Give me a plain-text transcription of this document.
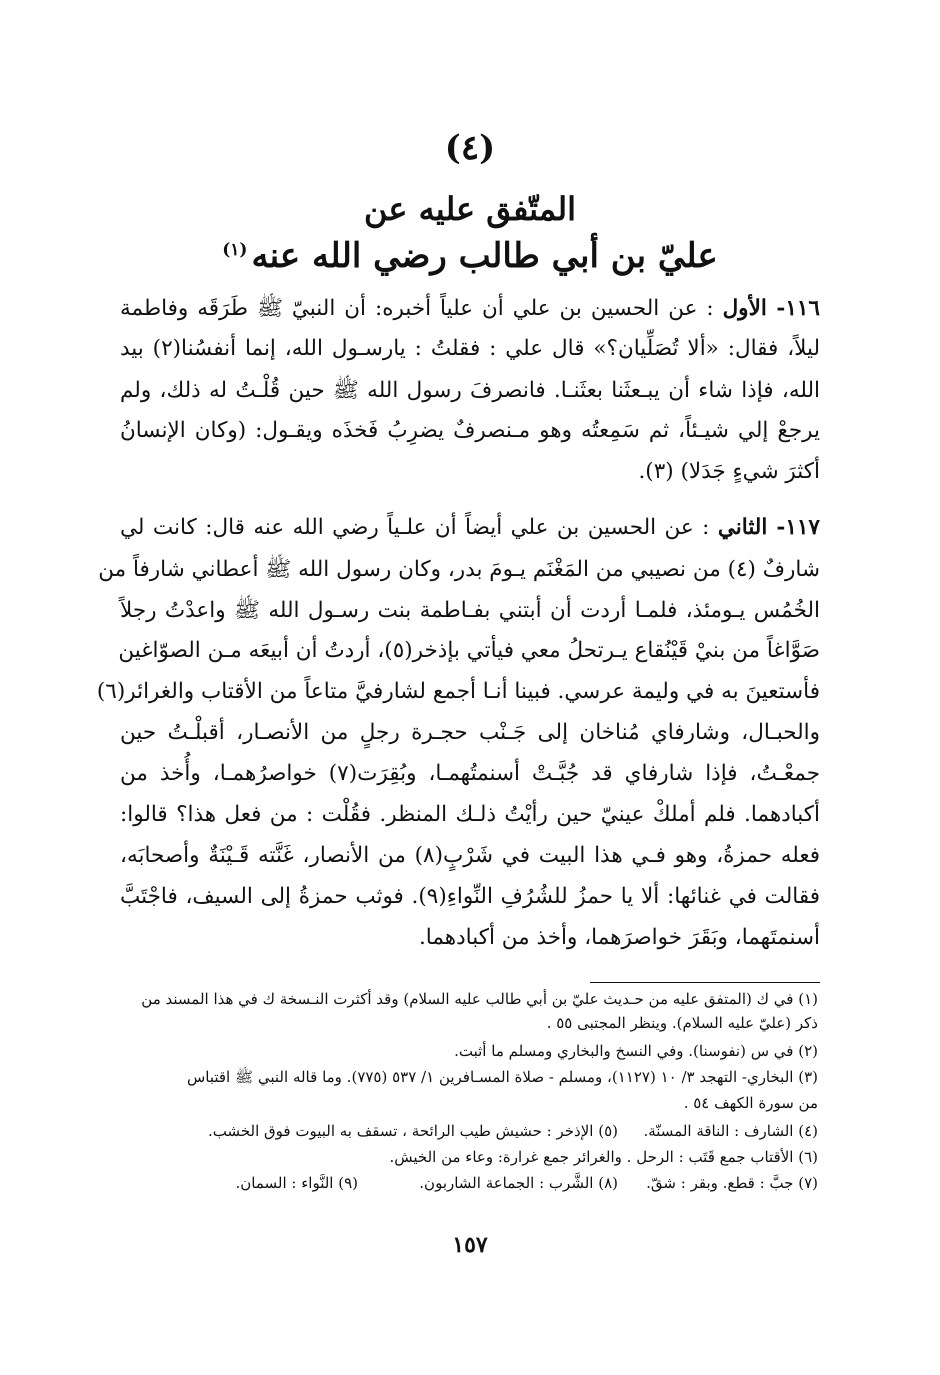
(٤)
المتّفق عليه عن
عليّ بن أبي طالب رضي الله عنه$^{(١)}$
١١٦- الأول : عن الحسين بن علي أن علياً أخبره: أن النبيّ ﷺ طَرَقَه وفاطمة
ليلاً، فقال: «ألا تُصَلِّيان؟» قال علي : فقلتُ : يارسـول الله، إنما أنفسُنا(٢) بيد
الله، فإذا شاء أن يبـعثَنا بعثَنـا. فانصرفَ رسول الله ﷺ حين قُلْـتُ له ذلك، ولم
يرجعْ إلي شيـئاً، ثم سَمِعتُه وهو مـنصرفٌ يضرِبُ فَخذَه ويقـول: (وكان الإنسانُ
أكثرَ شيءٍ جَدَلا) (٣).
١١٧- الثاني : عن الحسين بن علي أيضاً أن علـياً رضي الله عنه قال: كانت لي
شارفٌ (٤) من نصيبي من المَغْنَم يـومَ بدر، وكان رسول الله ﷺ أعطاني شارفاً من
الخُمُس يـومئذ، فلمـا أردت أن أبتني بفـاطمة بنت رسـول الله ﷺ واعدْتُ رجلاً
صَوَّاغاً من بنيْ قَيْنُقاع يـرتحلُ معي فيأتي بإذخر(٥)، أردتُ أن أبيعَه مـن الصوّاغين
فأستعينَ به في وليمة عرسي. فبينا أنـا أجمع لشارفيَّ متاعاً من الأقتاب والغرائر(٦)
والحبـال، وشارفاي مُناخان إلى جَـنْب حجـرة رجلٍ من الأنصـار، أقبلْـتُ حين
جمعْـتُ، فإذا شارفاي قد جُبَّـتْ أسنمتُهمـا، وبُقِرَت(٧) خواصرُهمـا، وأُخذ من
أكبادهما. فلم أملكْ عينيّ حين رأيْتُ ذلـك المنظر. فقُلْت : من فعل هذا؟ قالوا:
فعله حمزةُ، وهو فـي هذا البيت في شَرْبٍ(٨) من الأنصار، غَنَّته قَـيْنَةٌ وأصحابَه،
فقالت في غنائها: ألا يا حمزُ للشُرُفِ النِّواءِ(٩). فوثب حمزةُ إلى السيف، فاجْتَبَّ
أسنمتَهما، وبَقَرَ خواصرَهما، وأخذ من أكبادهما.
(١) في ك (المتفق عليه من حـديث عليّ بن أبي طالب عليه السلام) وقد أكثرت النـسخة ك في هذا المسند من
ذكر (عليّ عليه السلام). وينظر المجتبى ٥٥ .
(٢) في س (نفوسنا). وفي النسخ والبخاري ومسلم ما أثبت.
(٣) البخاري- التهجد ٣/ ١٠ (١١٢٧)، ومسلم - صلاة المسـافرين ١/ ٥٣٧ (٧٧٥). وما قاله النبي ﷺ اقتباس
من سورة الكهف ٥٤ .
(٤) الشارف : الناقة المسنّة.
(٥) الإذخر : حشيش طيب الرائحة ، تسقف به البيوت فوق الخشب.
(٦) الأقتاب جمع قَتَب : الرحل . والغرائر جمع غرارة: وعاء من الخيش.
(٧) جبَّ : قطع. وبقر : شقّ.
(٨) الشَّرب : الجماعة الشاربون.
(٩) النَّواء : السمان.
١٥٧
